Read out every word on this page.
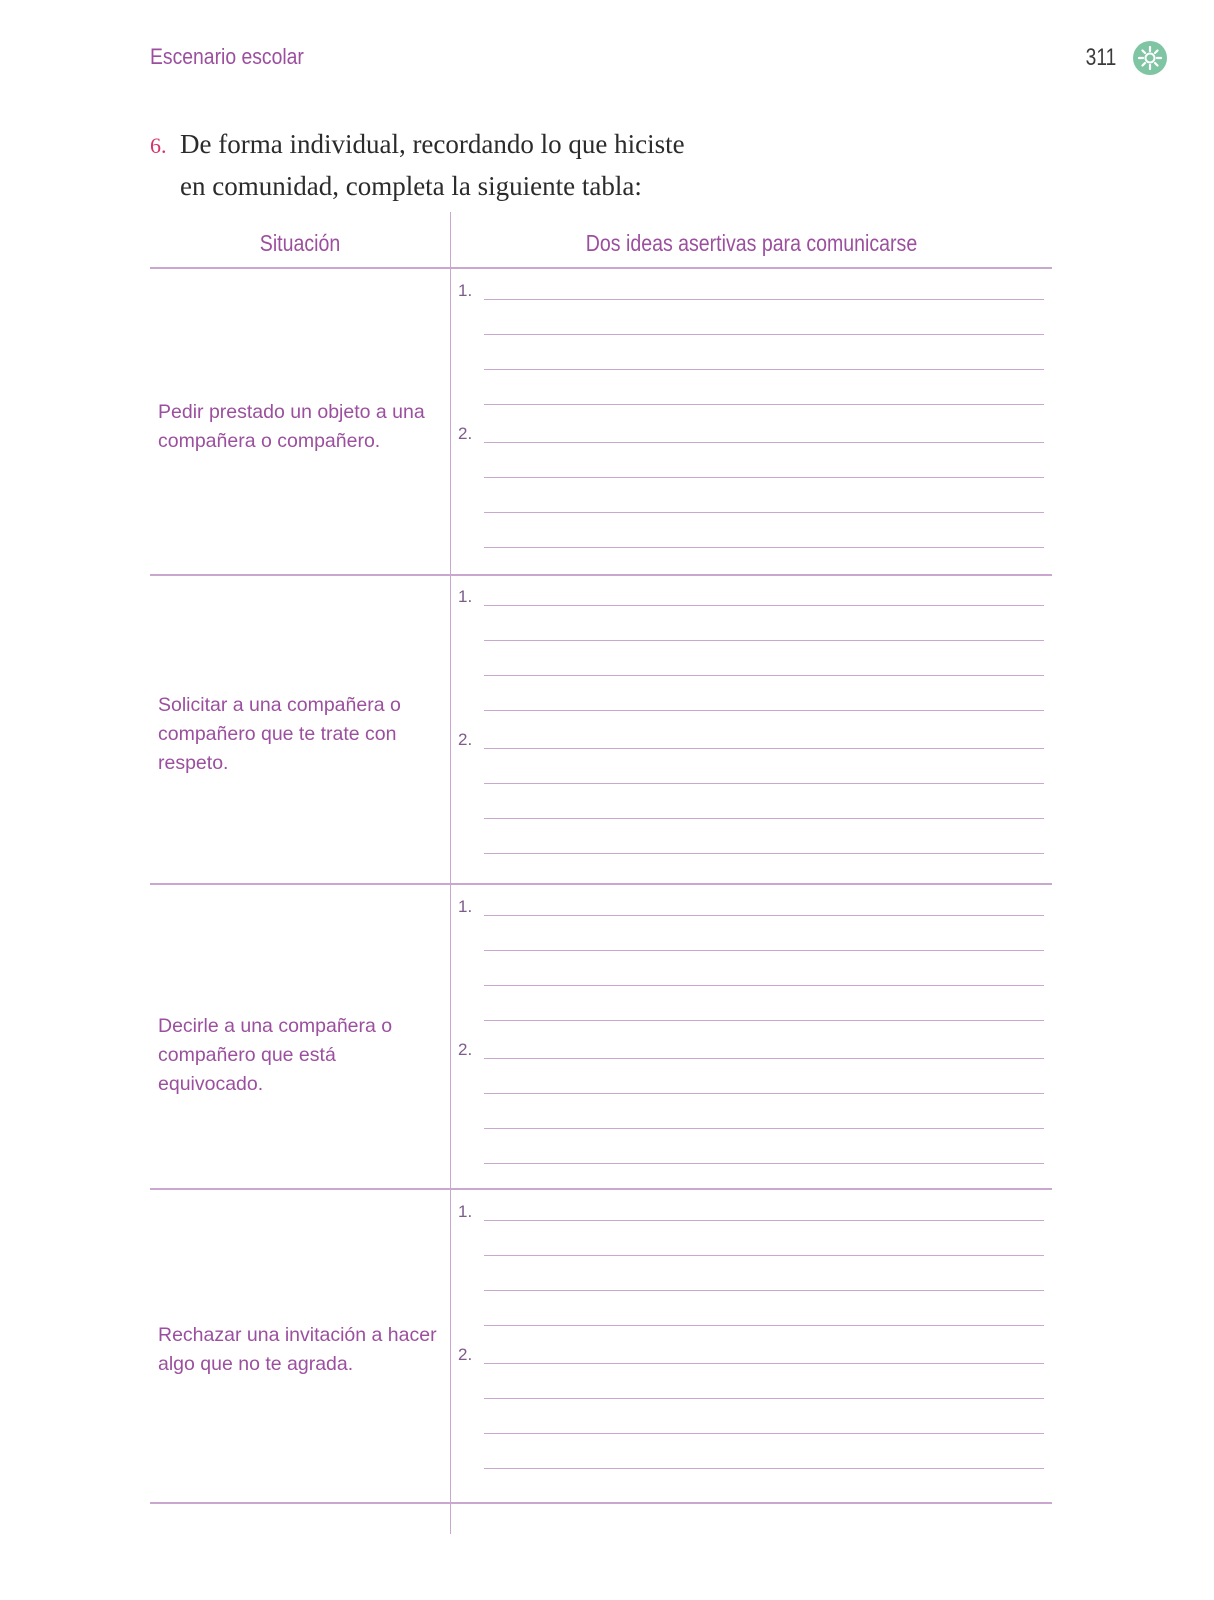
Escenario escolar	311
6. De forma individual, recordando lo que hiciste
en comunidad, completa la siguiente tabla:
Situación	Dos ideas asertivas para comunicarse
Pedir prestado un objeto a una compañera o compañero.
1.
2.
Solicitar a una compañera o compañero que te trate con respeto.
1.
2.
Decirle a una compañera o compañero que está equivocado.
1.
2.
Rechazar una invitación a hacer algo que no te agrada.
1.
2.
